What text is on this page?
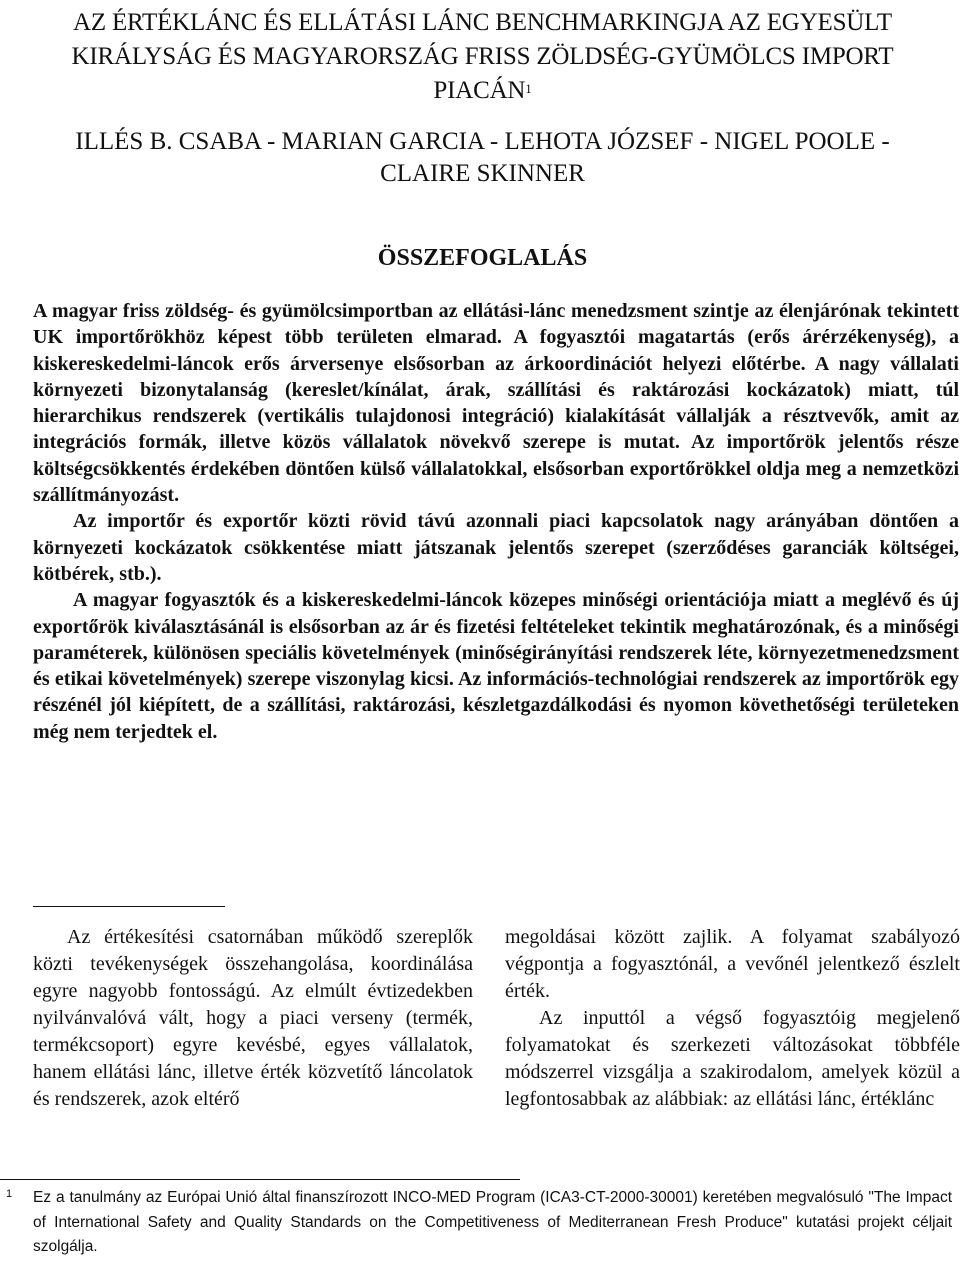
AZ ÉRTÉKLÁNC ÉS ELLÁTÁSI LÁNC BENCHMARKINGJA AZ EGYESÜLT KIRÁLYSÁG ÉS MAGYARORSZÁG FRISS ZÖLDSÉG-GYÜMÖLCS IMPORT PIACÁN$^1$

ILLÉS B. CSABA - MARIAN GARCIA - LEHOTA JÓZSEF - NIGEL POOLE - CLAIRE SKINNER

ÖSSZEFOGLALÁS

A magyar friss zöldség- és gyümölcsimportban az ellátási-lánc menedzsment szintje az élenjárónak tekintett UK importőrökhöz képest több területen elmarad. A fogyasztói magatartás (erős árérzékenység), a kiskereskedelmi-láncok erős árversenye elsősorban az árkoordinációt helyezi előtérbe. A nagy vállalati környezeti bizonytalanság (kereslet/kínálat, árak, szállítási és raktározási kockázatok) miatt, túl hierarchikus rendszerek (vertikális tulajdonosi integráció) kialakítását vállalják a résztvevők, amit az integrációs formák, illetve közös vállalatok növekvő szerepe is mutat. Az importőrök jelentős része költségcsökkentés érdekében döntően külső vállalatokkal, elsősorban exportőrökkel oldja meg a nemzetközi szállítmányozást.

Az importőr és exportőr közti rövid távú azonnali piaci kapcsolatok nagy arányában döntően a környezeti kockázatok csökkentése miatt játszanak jelentős szerepet (szerződéses garanciák költségei, kötbérek, stb.).

A magyar fogyasztók és a kiskereskedelmi-láncok közepes minőségi orientációja miatt a meglévő és új exportőrök kiválasztásánál is elsősorban az ár és fizetési feltételeket tekintik meghatározónak, és a minőségi paraméterek, különösen speciális követelmények (minőségirányítási rendszerek léte, környezetmenedzsment és etikai követelmények) szerepe viszonylag kicsi. Az információs-technológiai rendszerek az importőrök egy részénél jól kiépített, de a szállítási, raktározási, készletgazdálkodási és nyomon követhetőségi területeken még nem terjedtek el.

Az értékesítési csatornában működő szereplők közti tevékenységek összehangolása, koordinálása egyre nagyobb fontosságú. Az elmúlt évtizedekben nyilvánvalóvá vált, hogy a piaci verseny (termék, termékcsoport) egyre kevésbé, egyes vállalatok, hanem ellátási lánc, illetve érték közvetítő láncolatok és rendszerek, azok eltérő

megoldásai között zajlik. A folyamat szabályozó végpontja a fogyasztónál, a vevőnél jelentkező észlelt érték.

Az inputtól a végső fogyasztóig megjelenő folyamatokat és szerkezeti változásokat többféle módszerrel vizsgálja a szakirodalom, amelyek közül a legfontosabbak az alábbiak: az ellátási lánc, értéklánc

1 Ez a tanulmány az Európai Unió által finanszírozott INCO-MED Program (ICA3-CT-2000-30001) keretében megvalósuló "The Impact of International Safety and Quality Standards on the Competitiveness of Mediterranean Fresh Produce" kutatási projekt céljait szolgálja.
